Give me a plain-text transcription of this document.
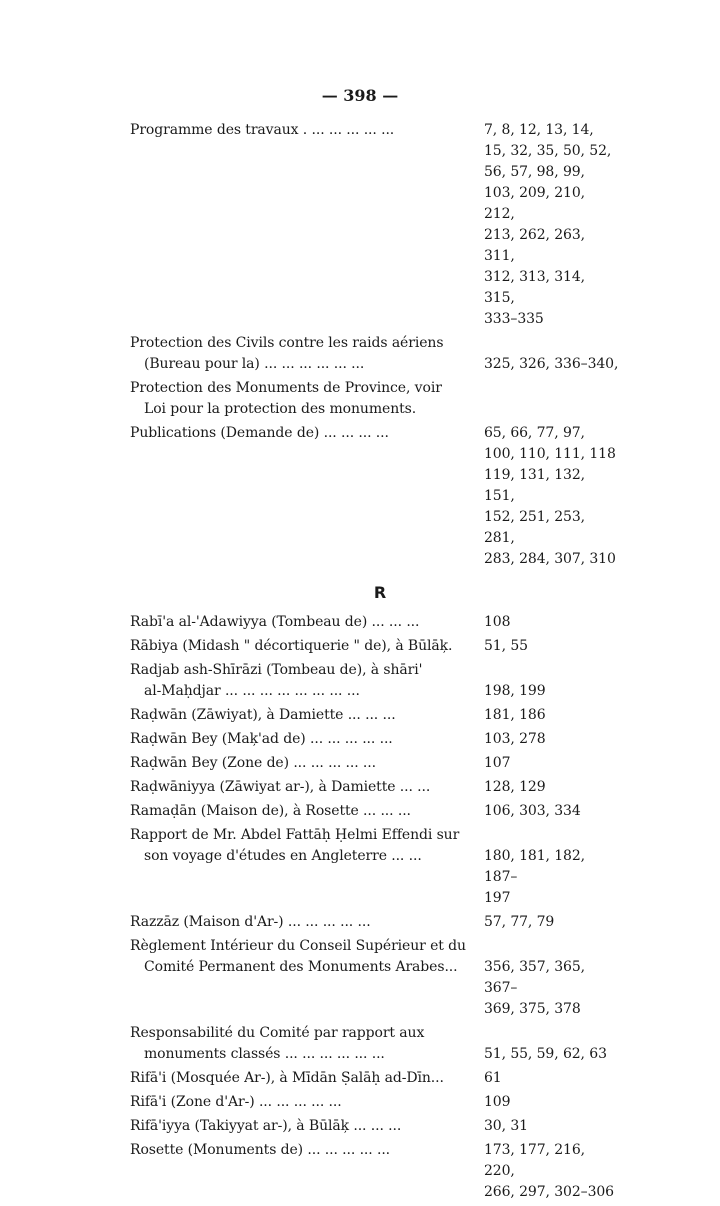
— 398 —
Programme des travaux . ... ... ... ... ...	7, 8, 12, 13, 14,
15, 32, 35, 50, 52,
56, 57, 98, 99,
103, 209, 210, 212,
213, 262, 263, 311,
312, 313, 314, 315,
333–335
Protection des Civils contre les raids aériens
(Bureau pour la) ... ... ... ... ... ...	
325, 326, 336–340,
Protection des Monuments de Province, voir
Loi pour la protection des monuments.
Publications (Demande de) ... ... ... ...	65, 66, 77, 97,
100, 110, 111, 118
119, 131, 132, 151,
152, 251, 253, 281,
283, 284, 307, 310
R
Rabī'a al-'Adawiyya (Tombeau de) ... ... ...	108
Rābiya (Midash " décortiquerie " de), à Būlāķ.	51, 55
Radjab ash-Shīrāzi (Tombeau de), à shāri'
al-Maḥdjar ... ... ... ... ... ... ... ...	
198, 199
Raḍwān (Zāwiyat), à Damiette ... ... ...	181, 186
Raḍwān Bey (Maķ'ad de) ... ... ... ... ...	103, 278
Raḍwān Bey (Zone de) ... ... ... ... ...	107
Raḍwāniyya (Zāwiyat ar-), à Damiette ... ...	128, 129
Ramaḍān (Maison de), à Rosette ... ... ...	106, 303, 334
Rapport de Mr. Abdel Fattāḥ Ḥelmi Effendi sur
son voyage d'études en Angleterre ... ...	
180, 181, 182, 187–
197
Razzāz (Maison d'Ar-) ... ... ... ... ...	57, 77, 79
Règlement Intérieur du Conseil Supérieur et du
Comité Permanent des Monuments Arabes...	
356, 357, 365, 367–
369, 375, 378
Responsabilité du Comité par rapport aux
monuments classés ... ... ... ... ... ...	
51, 55, 59, 62, 63
Rifā'i (Mosquée Ar-), à Mīdān Ṣalāḥ ad-Dīn...	61
Rifā'i (Zone d'Ar-) ... ... ... ... ...	109
Rifā'iyya (Takiyyat ar-), à Būlāķ ... ... ...	30, 31
Rosette (Monuments de) ... ... ... ... ...	173, 177, 216, 220,
266, 297, 302–306
